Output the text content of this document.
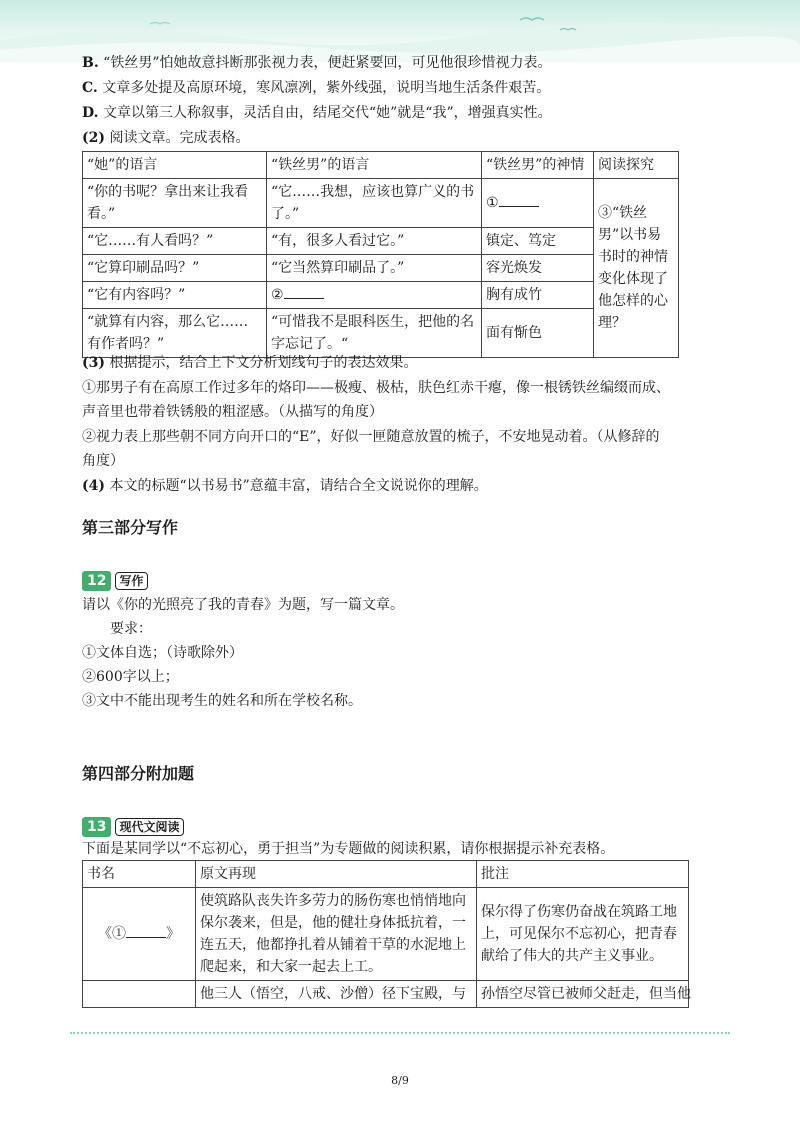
B. “铁丝男”怕她故意抖断那张视力表，便赶紧要回，可见他很珍惜视力表。

C. 文章多处提及高原环境，寒风凛冽，紫外线强，说明当地生活条件艰苦。

D. 文章以第三人称叙事，灵活自由，结尾交代“她”就是“我”，增强真实性。

(2) 阅读文章。完成表格。

“她”的语言	“铁丝男”的语言	“铁丝男”的神情	阅读探究
“你的书呢？拿出来让我看看。”	“它……我想，应该也算广义的书了。”	①	③“铁丝男”以书易书时的神情变化体现了他怎样的心理？
“它……有人看吗？”	“有，很多人看过它。”	镇定、笃定	
“它算印刷品吗？”	“它当然算印刷品了。”	容光焕发	
“它有内容吗？”	②	胸有成竹	
“就算有内容，那么它……有作者吗？”	“可惜我不是眼科医生，把他的名字忘记了。“	面有惭色	

(3) 根据提示，结合上下文分析划线句子的表达效果。

①那男子有在高原工作过多年的烙印——极瘦、极枯，肤色红赤干瘪，像一根锈铁丝编缀而成、

声音里也带着铁锈般的粗涩感。（从描写的角度）

②视力表上那些朝不同方向开口的“E”，好似一匣随意放置的梳子，不安地晃动着。（从修辞的

角度）

(4) 本文的标题“以书易书”意蕴丰富，请结合全文说说你的理解。

第三部分写作

12	写作

请以《你的光照亮了我的青春》为题，写一篇文章。

要求：

①文体自选；（诗歌除外）

②600字以上；

③文中不能出现考生的姓名和所在学校名称。

第四部分附加题

13	现代文阅读

下面是某同学以“不忘初心，勇于担当”为专题做的阅读积累，请你根据提示补充表格。

书名	原文再现	批注
《① 》	使筑路队丧失许多劳力的肠伤寒也悄悄地向保尔袭来，但是，他的健壮身体抵抗着，一连五天，他都挣扎着从铺着干草的水泥地上爬起来，和大家一起去上工。	保尔得了伤寒仍奋战在筑路工地上，可见保尔不忘初心，把青春献给了伟大的共产主义事业。
	他三人（悟空，八戒、沙僧）径下宝殿，与	孙悟空尽管已被师父赶走，但当他
8/9
